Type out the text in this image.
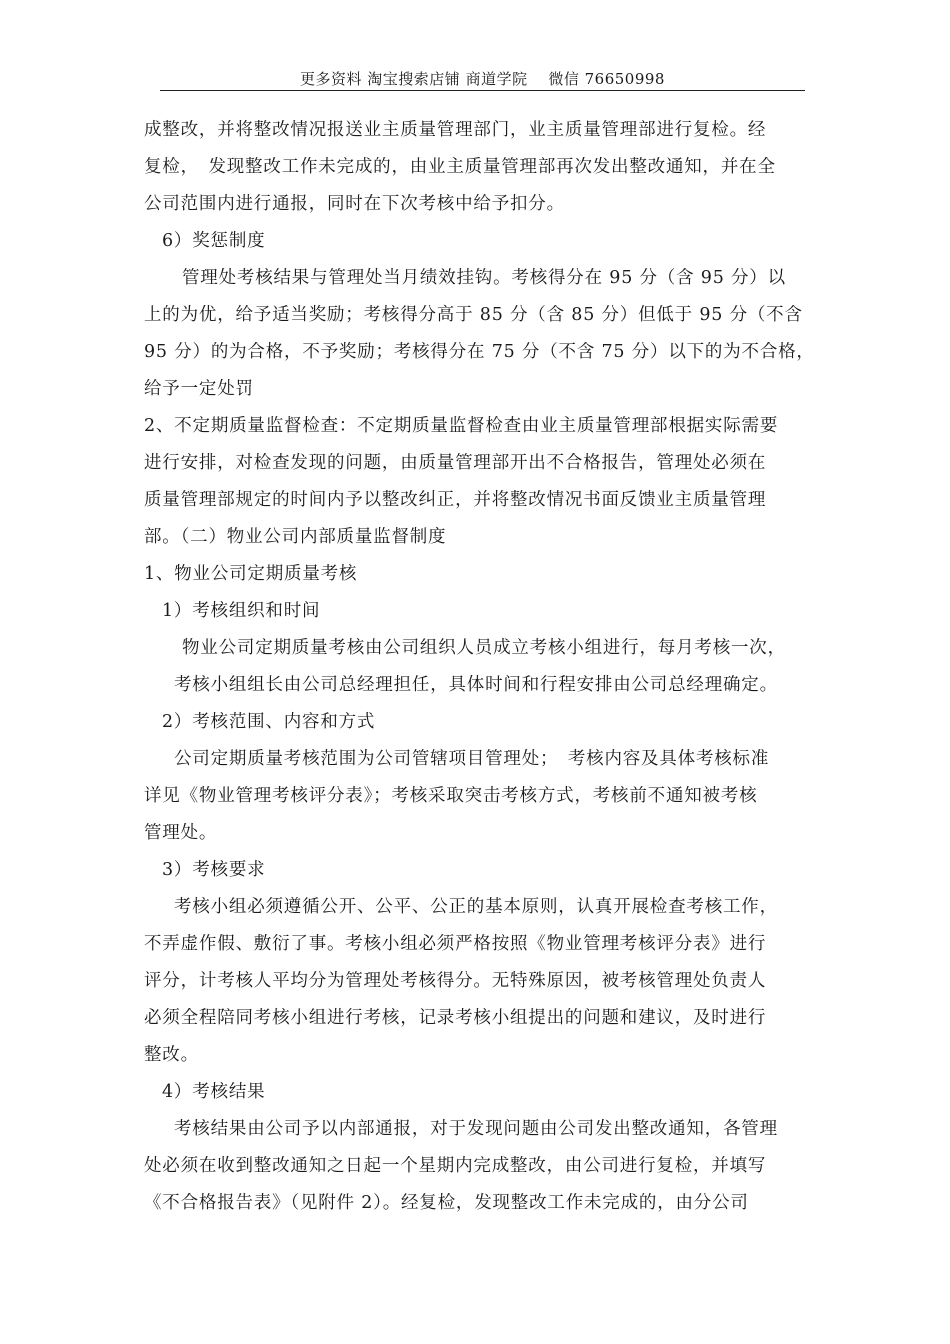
更多资料 淘宝搜索店铺 商道学院　 微信 76650998
成整改，并将整改情况报送业主质量管理部门，业主质量管理部进行复检。经
复检，　发现整改工作未完成的，由业主质量管理部再次发出整改通知，并在全
公司范围内进行通报，同时在下次考核中给予扣分。
6）奖惩制度
管理处考核结果与管理处当月绩效挂钩。考核得分在 95 分（含 95 分）以
上的为优，给予适当奖励；考核得分高于 85 分（含 85 分）但低于 95 分（不含
95 分）的为合格，不予奖励；考核得分在 75 分（不含 75 分）以下的为不合格，
给予一定处罚
2、不定期质量监督检查：不定期质量监督检查由业主质量管理部根据实际需要
进行安排，对检查发现的问题，由质量管理部开出不合格报告，管理处必须在
质量管理部规定的时间内予以整改纠正，并将整改情况书面反馈业主质量管理
部。（二）物业公司内部质量监督制度
1、物业公司定期质量考核
1）考核组织和时间
物业公司定期质量考核由公司组织人员成立考核小组进行，每月考核一次，
考核小组组长由公司总经理担任，具体时间和行程安排由公司总经理确定。
2）考核范围、内容和方式
公司定期质量考核范围为公司管辖项目管理处；　考核内容及具体考核标准
详见《物业管理考核评分表》；考核采取突击考核方式，考核前不通知被考核
管理处。
3）考核要求
考核小组必须遵循公开、公平、公正的基本原则，认真开展检查考核工作，
不弄虚作假、敷衍了事。考核小组必须严格按照《物业管理考核评分表》进行
评分，计考核人平均分为管理处考核得分。无特殊原因，被考核管理处负责人
必须全程陪同考核小组进行考核，记录考核小组提出的问题和建议，及时进行
整改。
4）考核结果
考核结果由公司予以内部通报，对于发现问题由公司发出整改通知，各管理
处必须在收到整改通知之日起一个星期内完成整改，由公司进行复检，并填写
《不合格报告表》（见附件 2）。经复检，发现整改工作未完成的，由分公司
